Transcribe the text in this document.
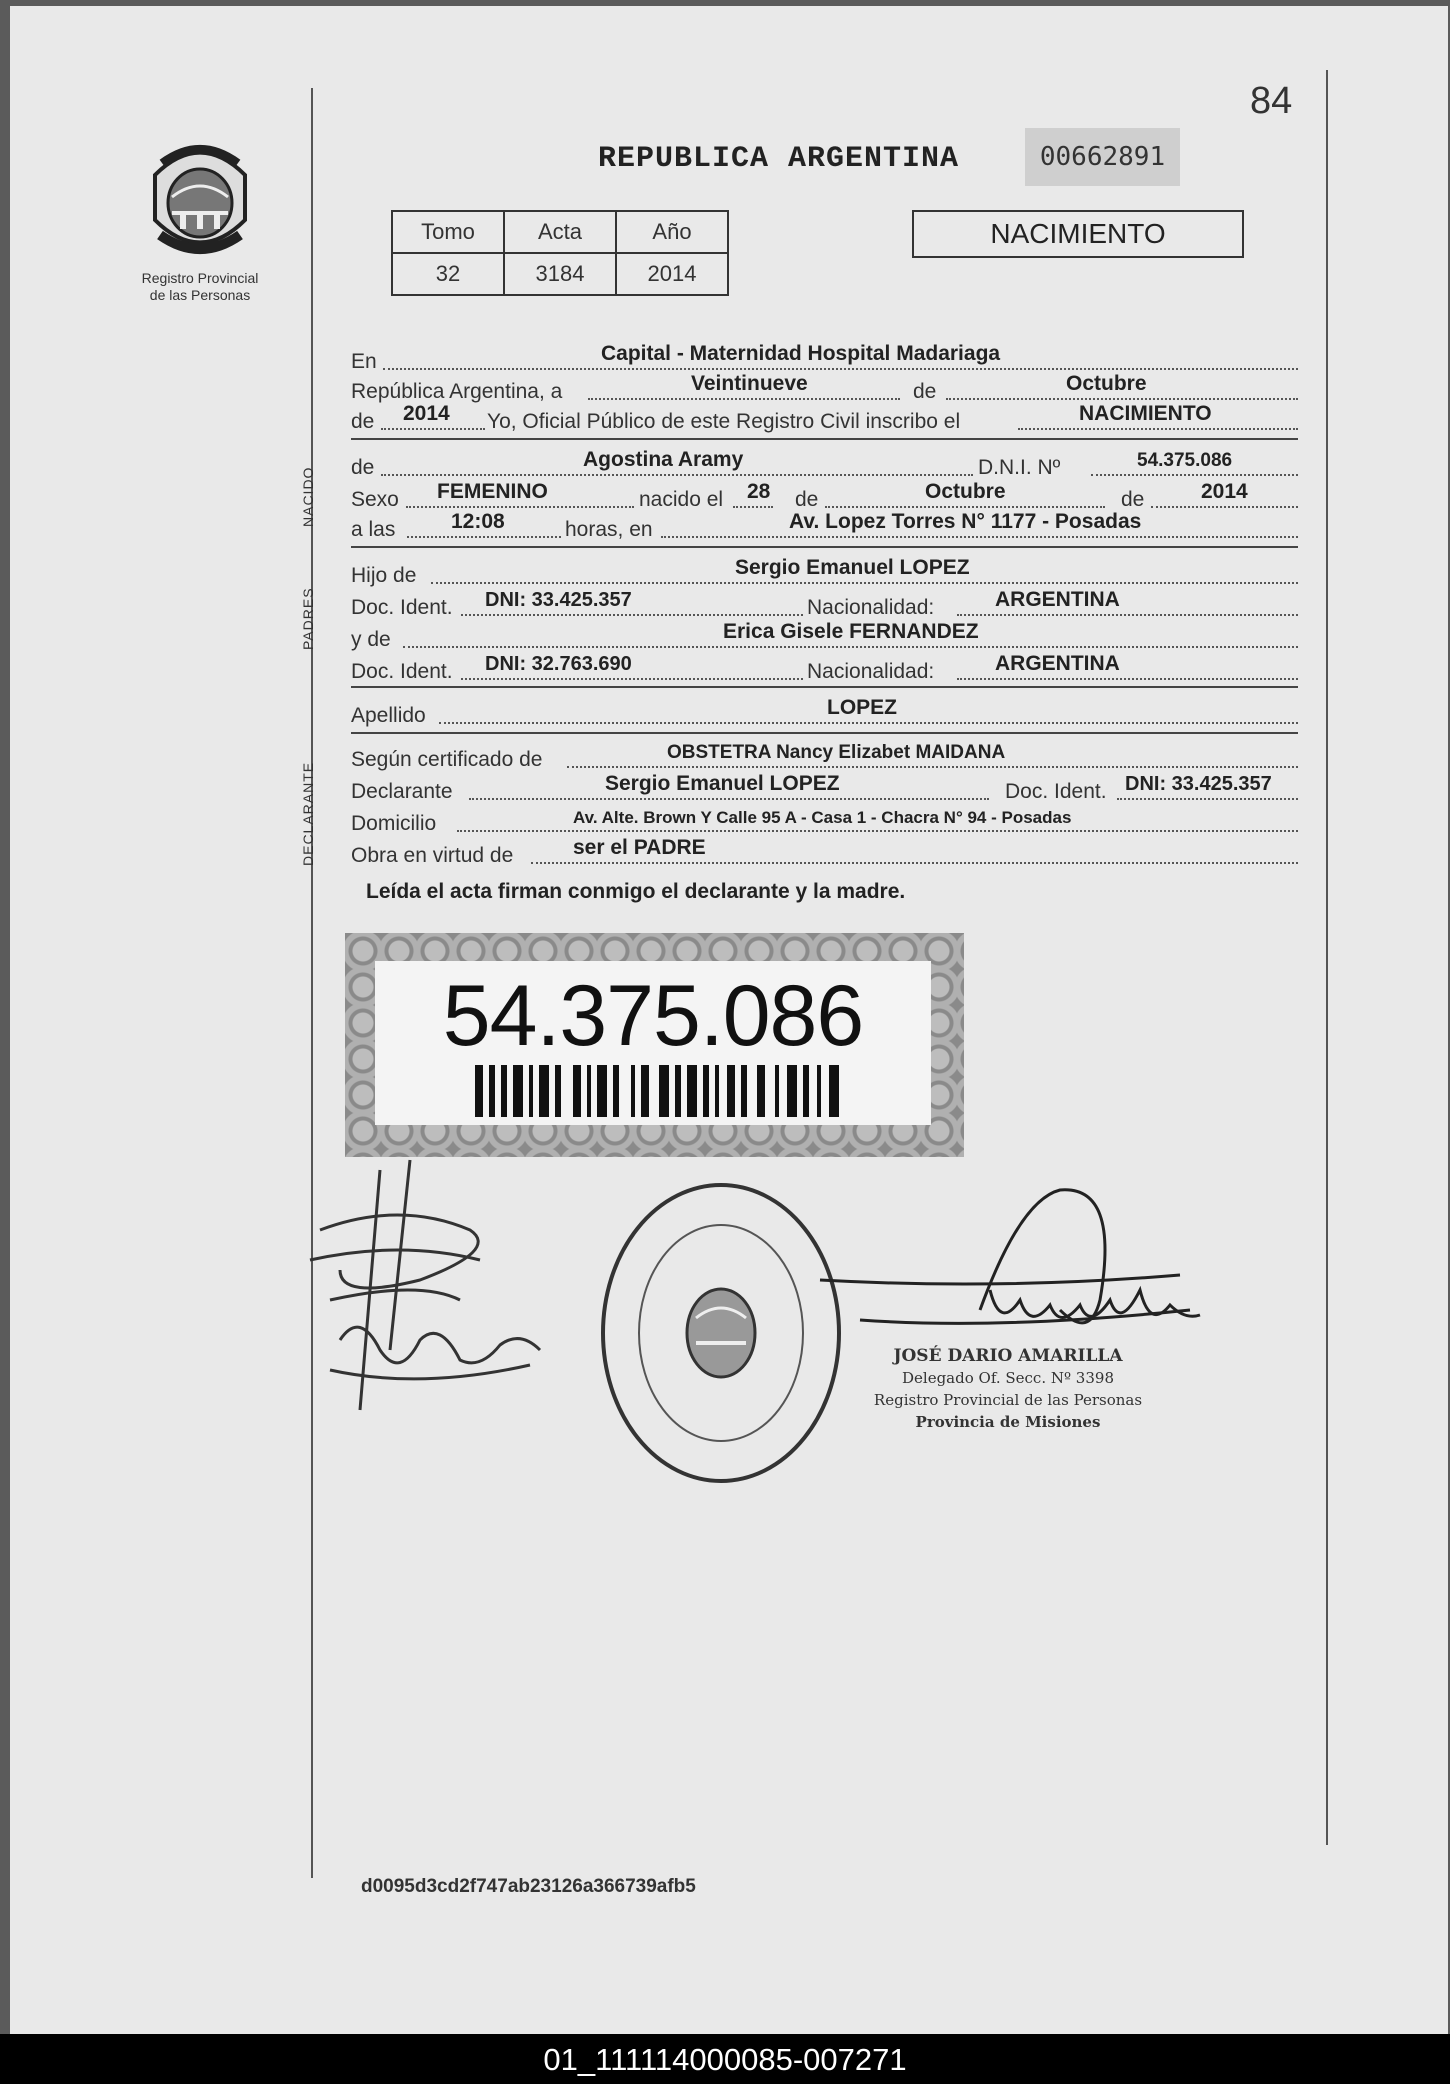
84
Registro Provincial
de las Personas
REPUBLICA ARGENTINA	00662891
Tomo	Acta	Año
32	3184	2014
NACIMIENTO
En	Capital - Maternidad Hospital Madariaga
República Argentina, a	Veintinueve	de	Octubre
de 2014 Yo, Oficial Público de este Registro Civil inscribo el	NACIMIENTO
NACIDO	de	Agostina Aramy	D.N.I. Nº	54.375.086
Sexo FEMENINO	nacido el 28 de	Octubre	de	2014
a las	12:08	horas, en	Av. Lopez Torres N° 1177 - Posadas
PADRES
Hijo de	Sergio Emanuel LOPEZ
Doc. Ident. DNI: 33.425.357	Nacionalidad:	ARGENTINA
y de	Erica Gisele FERNANDEZ
Doc. Ident. DNI: 32.763.690	Nacionalidad:	ARGENTINA
Apellido	LOPEZ
Según certificado de	OBSTETRA Nancy Elizabet MAIDANA
Declarante	Sergio Emanuel LOPEZ	Doc. Ident. DNI: 33.425.357
Domicilio	Av. Alte. Brown Y Calle 95 A - Casa 1 - Chacra N° 94 - Posadas
Obra en virtud de	ser el PADRE
Leída el acta firman conmigo el declarante y la madre.
54.375.086
JOSÉ DARIO AMARILLA
Delegado Of. Secc. Nº 3398
Registro Provincial de las Personas
Provincia de Misiones
d0095d3cd2f747ab23126a366739afb5
01_111114000085-007271
